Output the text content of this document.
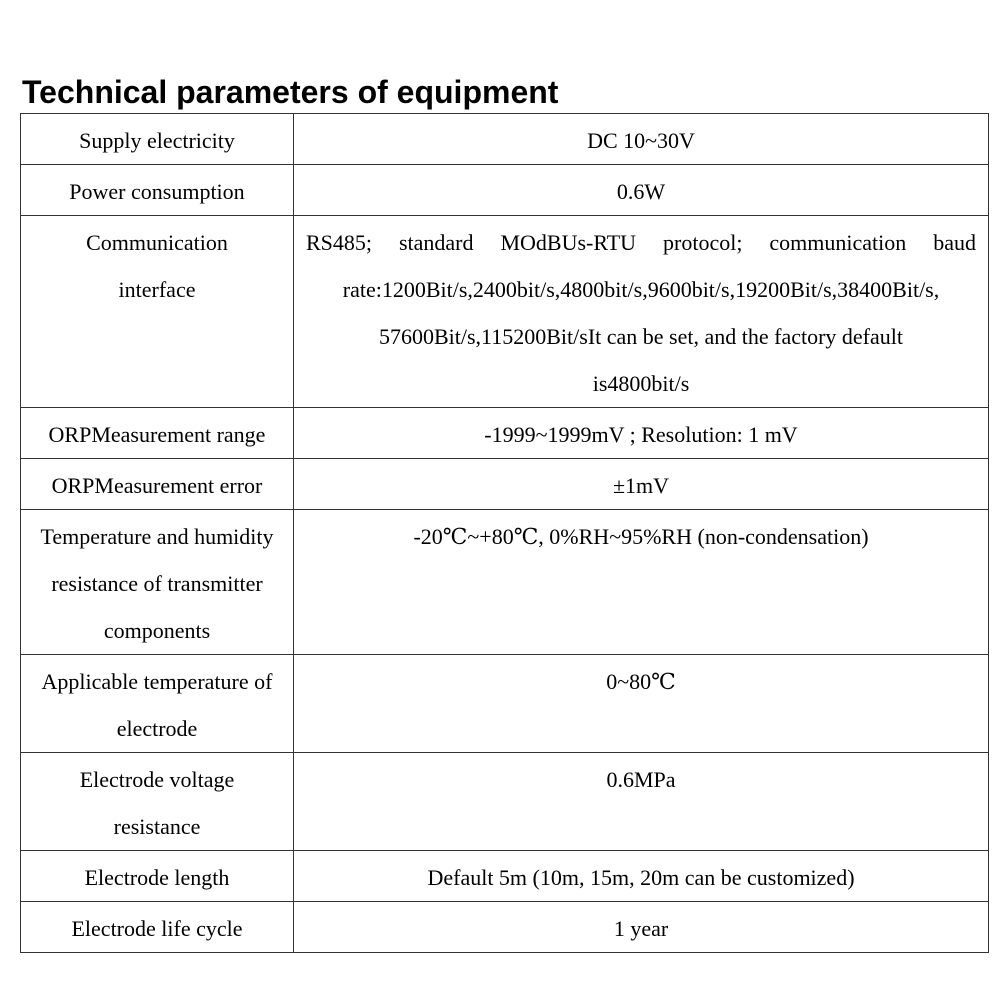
Technical parameters of equipment
Supply electricity	DC 10~30V
Power consumption	0.6W
Communication interface	RS485; standard MOdBUs-RTU protocol; communication baud
rate:1200Bit/s,2400bit/s,4800bit/s,9600bit/s,19200Bit/s,38400Bit/s,
57600Bit/s,115200Bit/sIt can be set, and the factory default
is4800bit/s

ORPMeasurement range	-1999~1999mV ; Resolution: 1 mV
ORPMeasurement error	±1mV
Temperature and humidity resistance of transmitter components	-20℃~+80℃, 0%RH~95%RH (non-condensation)
Applicable temperature of electrode	0~80℃
Electrode voltage resistance	0.6MPa
Electrode length	Default 5m (10m, 15m, 20m can be customized)
Electrode life cycle	1 year
